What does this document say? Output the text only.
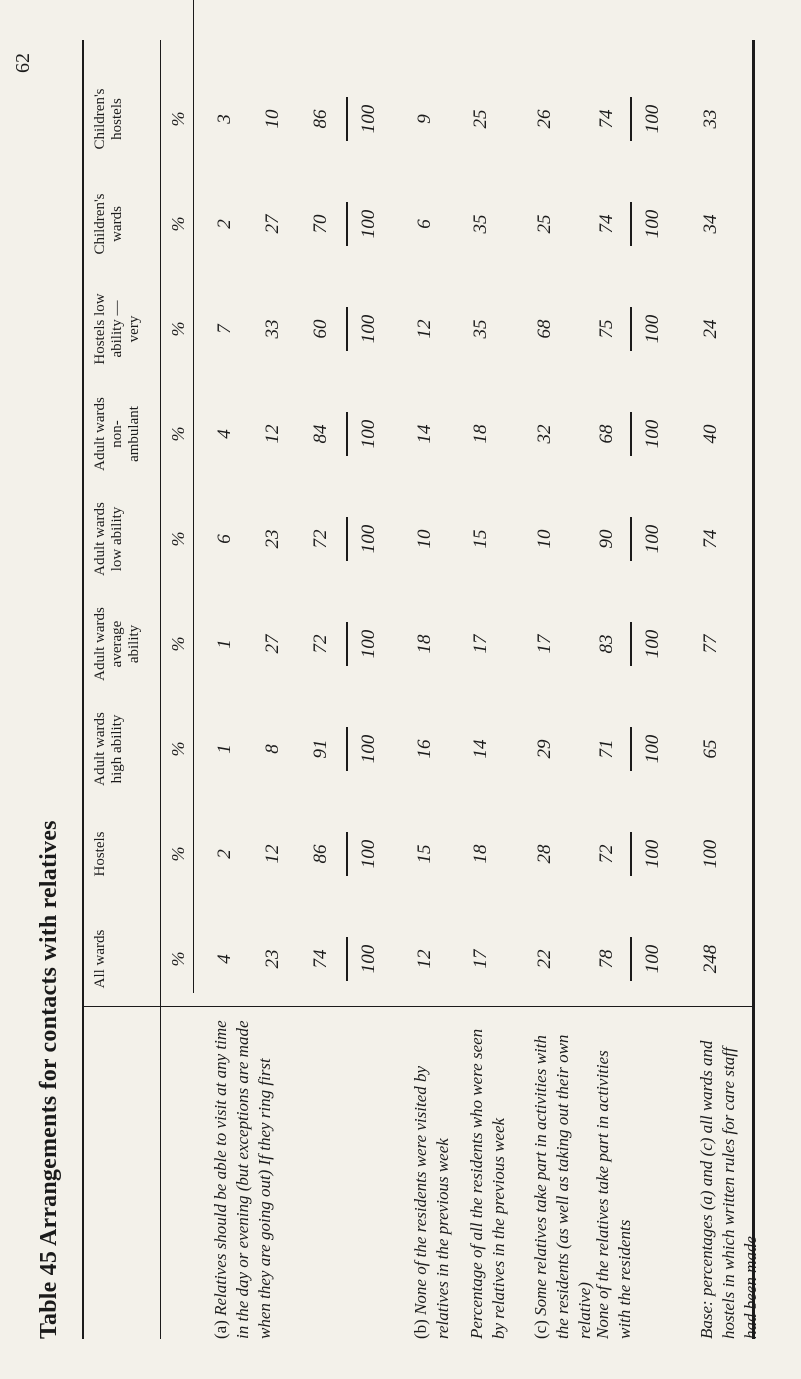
62
Table 45 Arrangements for contacts with relatives All wards
Hostels
Adult wards high ability
Adult wards average ability
Adult wards low ability
Adult wards non-ambulant
Hostels low ability —very
Children's wards
Children's hostels
%
%
%
%
%
%
%
%
%
(a) Relatives should be able to visit at any time in the day or evening (but exceptions are made when they are going out) If they ring first
4
2
1
1
6
4
7
2
3
23
12
8
27
23
12
33
27
10
74
86
91
72
72
84
60
70
86
100
100
100
100
100
100
100
100
100
(b) None of the residents were visited by relatives in the previous week
12
15
16
18
10
14
12
6
9
Percentage of all the residents who were seen by relatives in the previous week
17
18
14
17
15
18
35
35
25
(c) Some relatives take part in activities with the residents (as well as taking out their own relative)
22
28
29
17
10
32
68
25
26
None of the relatives take part in activities with the residents
78
72
71
83
90
68
75
74
74
100
100
100
100
100
100
100
100
100
Base: percentages (a) and (c) all wards and hostels in which written rules for care staff had been made
248
100
65
77
74
40
24
34
33
